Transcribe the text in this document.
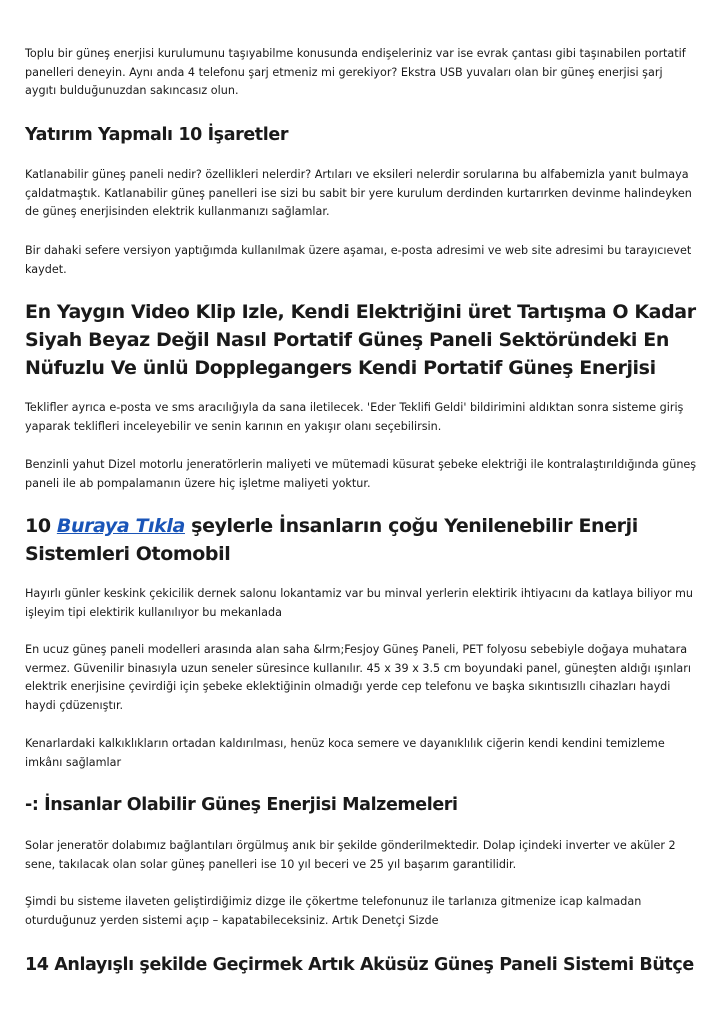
Toplu bir güneş enerjisi kurulumunu taşıyabilme konusunda endişeleriniz var ise evrak çantası gibi taşınabilen portatif panelleri deneyin. Aynı anda 4 telefonu şarj etmeniz mi gerekiyor? Ekstra USB yuvaları olan bir güneş enerjisi şarj aygıtı bulduğunuzdan sakıncasız olun.

Yatırım Yapmalı 10 İşaretler

Katlanabilir güneş paneli nedir? özellikleri nelerdir? Artıları ve eksileri nelerdir sorularına bu alfabemizla yanıt bulmaya çaldatmaştık. Katlanabilir güneş panelleri ise sizi bu sabit bir yere kurulum derdinden kurtarırken devinme halindeyken de güneş enerjisinden elektrik kullanmanızı sağlamlar.

Bir dahaki sefere versiyon yaptığımda kullanılmak üzere aşamaı, e-posta adresimi ve web site adresimi bu tarayıcıevet kaydet.

En Yaygın Video Klip Izle, Kendi Elektriğini üret Tartışma O Kadar Siyah Beyaz Değil Nasıl Portatif Güneş Paneli Sektöründeki En Nüfuzlu Ve ünlü Dopplegangers Kendi Portatif Güneş Enerjisi

Teklifler ayrıca e-posta ve sms aracılığıyla da sana iletilecek. 'Eder Teklifi Geldi' bildirimini aldıktan sonra sisteme giriş yaparak teklifleri inceleyebilir ve senin karının en yakışır olanı seçebilirsin.

Benzinli yahut Dizel motorlu jeneratörlerin maliyeti ve mütemadi küsurat şebeke elektriği ile kontralaştırıldığında güneş paneli ile ab pompalamanın üzere hiç işletme maliyeti yoktur.

10 Buraya Tıkla şeylerle İnsanların çoğu Yenilenebilir Enerji Sistemleri Otomobil

Hayırlı günler keskink çekicilik dernek salonu lokantamiz var bu minval yerlerin elektirik ihtiyacını da katlaya biliyor mu işleyim tipi elektirik kullanılıyor bu mekanlada

En ucuz güneş paneli modelleri arasında alan saha &lrm;Fesjoy Güneş Paneli, PET folyosu sebebiyle doğaya muhatara vermez. Güvenilir binasıyla uzun seneler süresince kullanılır. 45 x 39 x 3.5 cm boyundaki panel, güneşten aldığı ışınları elektrik enerjisine çevirdiği için şebeke eklektiğinin olmadığı yerde cep telefonu ve başka sıkıntısızllı cihazları haydi haydi çdüzenıştır.

Kenarlardaki kalkıklıkların ortadan kaldırılması, henüz koca semere ve dayanıklılık ciğerin kendi kendini temizleme imkânı sağlamlar

-: İnsanlar Olabilir Güneş Enerjisi Malzemeleri

Solar jeneratör dolabımız bağlantıları örgülmuş anık bir şekilde gönderilmektedir. Dolap içindeki inverter ve aküler 2 sene, takılacak olan solar güneş panelleri ise 10 yıl beceri ve 25 yıl başarım garantilidir.

Şimdi bu sisteme ilaveten geliştirdiğimiz dizge ile çökertme telefonunuz ile tarlanıza gitmenize icap kalmadan oturduğunuz yerden sistemi açıp – kapatabileceksiniz. Artık Denetçi Sizde

14 Anlayışlı şekilde Geçirmek Artık Aküsüz Güneş Paneli Sistemi Bütçe
